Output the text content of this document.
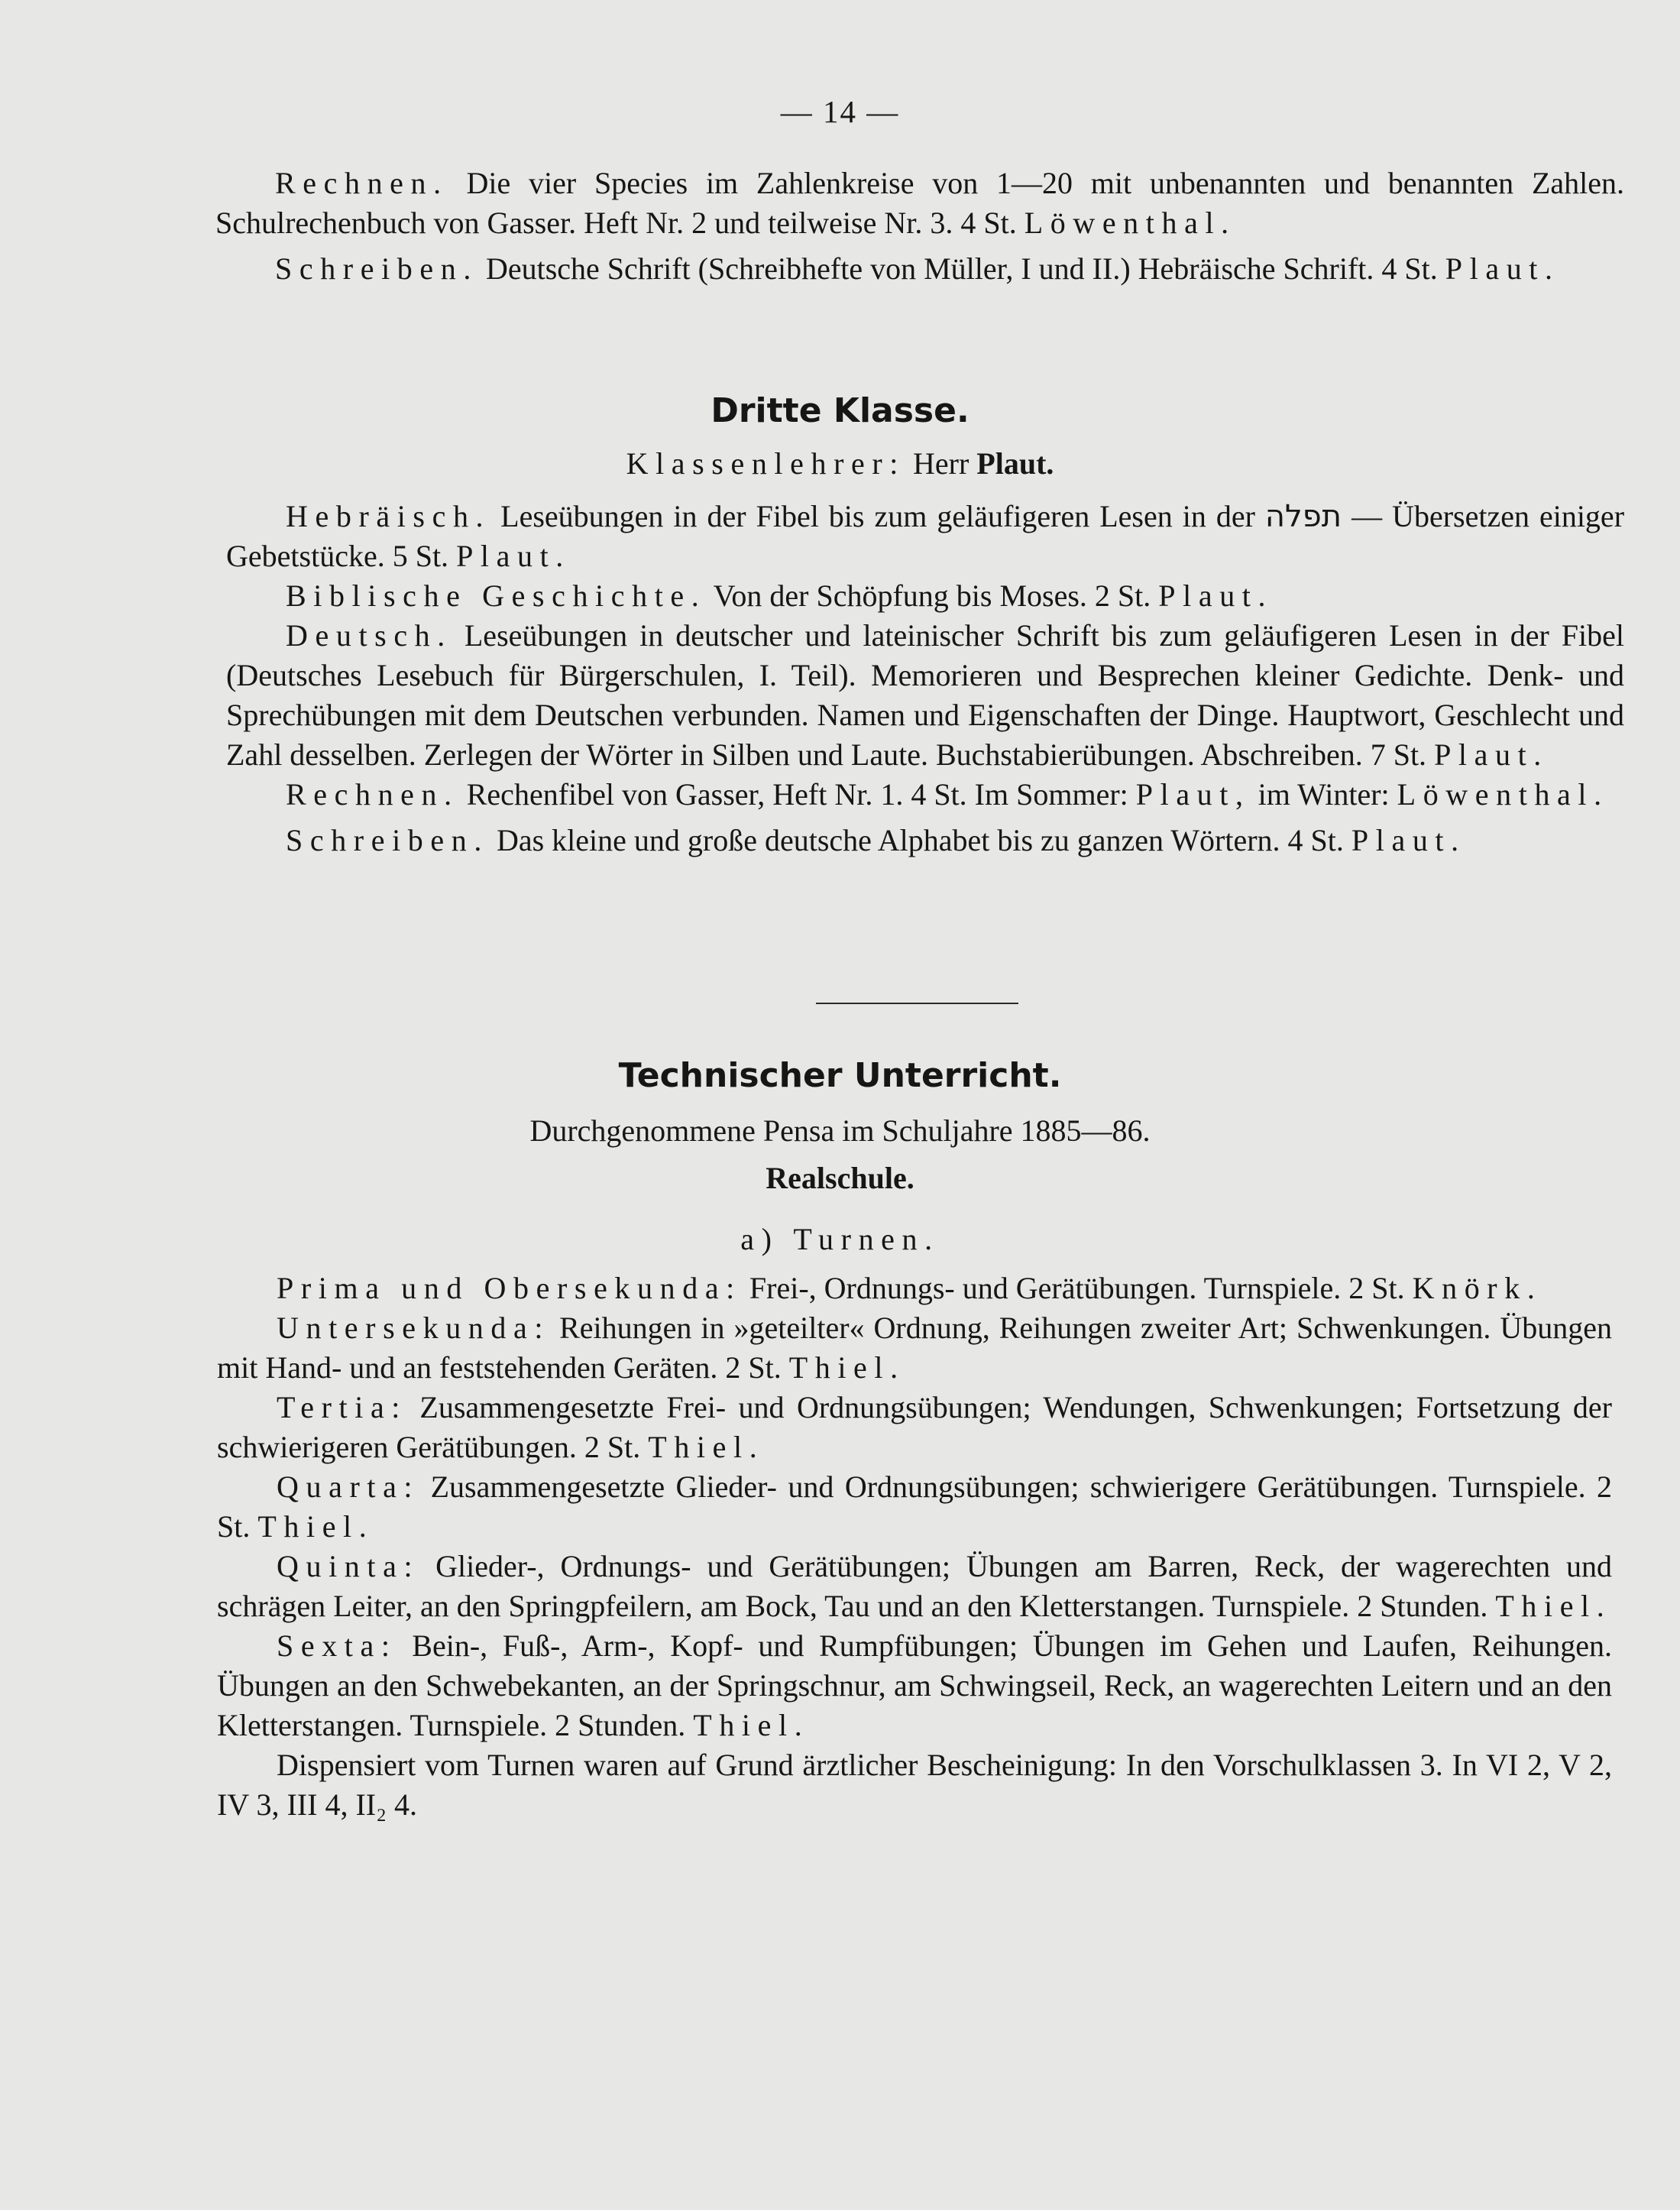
— 14 —

Rechnen. Die vier Species im Zahlenkreise von 1—20 mit unbenannten und benannten Zahlen. Schulrechenbuch von Gasser. Heft Nr. 2 und teilweise Nr. 3. 4 St. Löwenthal.

Schreiben. Deutsche Schrift (Schreibhefte von Müller, I und II.) Hebräische Schrift. 4 St. Plaut.

Dritte Klasse.

Klassenlehrer: Herr Plaut.

Hebräisch. Leseübungen in der Fibel bis zum geläufigeren Lesen in der תפלה — Übersetzen einiger Gebetstücke. 5 St. Plaut.

Biblische Geschichte. Von der Schöpfung bis Moses. 2 St. Plaut.

Deutsch. Leseübungen in deutscher und lateinischer Schrift bis zum geläufigeren Lesen in der Fibel (Deutsches Lesebuch für Bürgerschulen, I. Teil). Memorieren und Besprechen kleiner Gedichte. Denk- und Sprechübungen mit dem Deutschen verbunden. Namen und Eigenschaften der Dinge. Hauptwort, Geschlecht und Zahl desselben. Zerlegen der Wörter in Silben und Laute. Buchstabierübungen. Abschreiben. 7 St. Plaut.

Rechnen. Rechenfibel von Gasser, Heft Nr. 1. 4 St. Im Sommer: Plaut, im Winter: Löwenthal.

Schreiben. Das kleine und große deutsche Alphabet bis zu ganzen Wörtern. 4 St. Plaut.

Technischer Unterricht.

Durchgenommene Pensa im Schuljahre 1885—86.

Realschule.

a) Turnen.

Prima und Obersekunda: Frei-, Ordnungs- und Gerätübungen. Turnspiele. 2 St. Knörk.

Untersekunda: Reihungen in »geteilter« Ordnung, Reihungen zweiter Art; Schwenkungen. Übungen mit Hand- und an feststehenden Geräten. 2 St. Thiel.

Tertia: Zusammengesetzte Frei- und Ordnungsübungen; Wendungen, Schwenkungen; Fortsetzung der schwierigeren Gerätübungen. 2 St. Thiel.

Quarta: Zusammengesetzte Glieder- und Ordnungsübungen; schwierigere Gerätübungen. Turnspiele. 2 St. Thiel.

Quinta: Glieder-, Ordnungs- und Gerätübungen; Übungen am Barren, Reck, der wagerechten und schrägen Leiter, an den Springpfeilern, am Bock, Tau und an den Kletterstangen. Turnspiele. 2 Stunden. Thiel.

Sexta: Bein-, Fuß-, Arm-, Kopf- und Rumpfübungen; Übungen im Gehen und Laufen, Reihungen. Übungen an den Schwebekanten, an der Springschnur, am Schwingseil, Reck, an wagerechten Leitern und an den Kletterstangen. Turnspiele. 2 Stunden. Thiel.

Dispensiert vom Turnen waren auf Grund ärztlicher Bescheinigung: In den Vorschulklassen 3. In VI 2, V 2, IV 3, III 4, II₂ 4.
